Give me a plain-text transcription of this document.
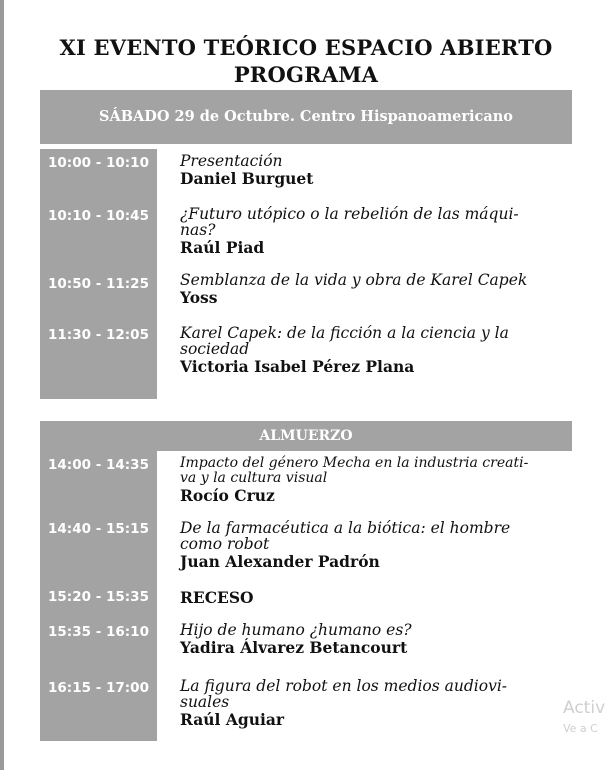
XI EVENTO TEÓRICO ESPACIO ABIERTO
PROGRAMA
SÁBADO 29 de Octubre. Centro Hispanoamericano
10:00 - 10:10
10:10 - 10:45
10:50 - 11:25
11:30 - 12:05
Presentación
Daniel Burguet
¿Futuro utópico o la rebelión de las máqui-
nas?
Raúl Piad
Semblanza de la vida y obra de Karel Capek
Yoss
Karel Capek: de la ficción a la ciencia y la
sociedad
Victoria Isabel Pérez Plana
ALMUERZO
14:00 - 14:35
14:40 - 15:15
15:20 - 15:35
15:35 - 16:10
16:15 - 17:00
Impacto del género Mecha en la industria creati-
va y la cultura visual
Rocío Cruz
De la farmacéutica a la biótica: el hombre
como robot
Juan Alexander Padrón
RECESO
Hijo de humano ¿humano es?
Yadira Álvarez Betancourt
La figura del robot en los medios audiovi-
suales
Raúl Aguiar
Activ
Ve a C
